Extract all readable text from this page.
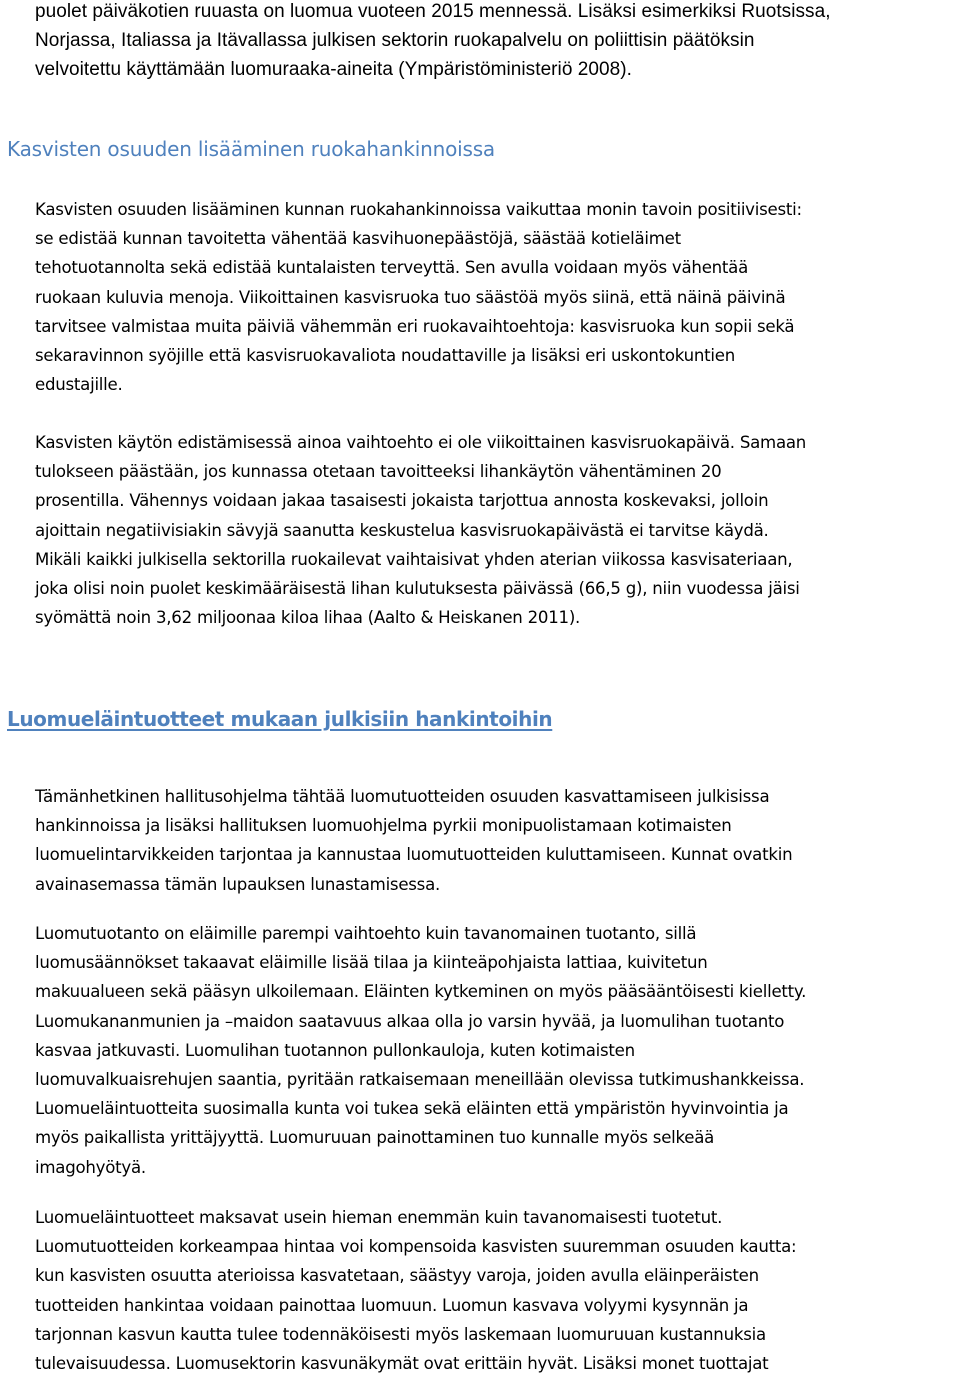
puolet päiväkotien ruuasta on luomua vuoteen 2015 mennessä. Lisäksi esimerkiksi Ruotsissa,
Norjassa, Italiassa ja Itävallassa julkisen sektorin ruokapalvelu on poliittisin päätöksin
velvoitettu käyttämään luomuraaka-aineita (Ympäristöministeriö 2008).

Kasvisten osuuden lisääminen ruokahankinnoissa

Kasvisten osuuden lisääminen kunnan ruokahankinnoissa vaikuttaa monin tavoin positiivisesti:
se edistää kunnan tavoitetta vähentää kasvihuonepäästöjä, säästää kotieläimet
tehotuotannolta sekä edistää kuntalaisten terveyttä. Sen avulla voidaan myös vähentää
ruokaan kuluvia menoja. Viikoittainen kasvisruoka tuo säästöä myös siinä, että näinä päivinä
tarvitsee valmistaa muita päiviä vähemmän eri ruokavaihtoehtoja: kasvisruoka kun sopii sekä
sekaravinnon syöjille että kasvisruokavaliota noudattaville ja lisäksi eri uskontokuntien
edustajille.

Kasvisten käytön edistämisessä ainoa vaihtoehto ei ole viikoittainen kasvisruokapäivä. Samaan
tulokseen päästään, jos kunnassa otetaan tavoitteeksi lihankäytön vähentäminen 20
prosentilla. Vähennys voidaan jakaa tasaisesti jokaista tarjottua annosta koskevaksi, jolloin
ajoittain negatiivisiakin sävyjä saanutta keskustelua kasvisruokapäivästä ei tarvitse käydä.
Mikäli kaikki julkisella sektorilla ruokailevat vaihtaisivat yhden aterian viikossa kasvisateriaan,
joka olisi noin puolet keskimääräisestä lihan kulutuksesta päivässä (66,5 g), niin vuodessa jäisi
syömättä noin 3,62 miljoonaa kiloa lihaa (Aalto & Heiskanen 2011).

Luomueläintuotteet mukaan julkisiin hankintoihin

Tämänhetkinen hallitusohjelma tähtää luomutuotteiden osuuden kasvattamiseen julkisissa
hankinnoissa ja lisäksi hallituksen luomuohjelma pyrkii monipuolistamaan kotimaisten
luomuelintarvikkeiden tarjontaa ja kannustaa luomutuotteiden kuluttamiseen. Kunnat ovatkin
avainasemassa tämän lupauksen lunastamisessa.

Luomutuotanto on eläimille parempi vaihtoehto kuin tavanomainen tuotanto, sillä
luomusäännökset takaavat eläimille lisää tilaa ja kiinteäpohjaista lattiaa, kuivitetun
makuualueen sekä pääsyn ulkoilemaan. Eläinten kytkeminen on myös pääsääntöisesti kielletty.
Luomukananmunien ja –maidon saatavuus alkaa olla jo varsin hyvää, ja luomulihan tuotanto
kasvaa jatkuvasti. Luomulihan tuotannon pullonkauloja, kuten kotimaisten
luomuvalkuaisrehujen saantia, pyritään ratkaisemaan meneillään olevissa tutkimushankkeissa.
Luomueläintuotteita suosimalla kunta voi tukea sekä eläinten että ympäristön hyvinvointia ja
myös paikallista yrittäjyyttä. Luomuruuan painottaminen tuo kunnalle myös selkeää
imagohyötyä.

Luomueläintuotteet maksavat usein hieman enemmän kuin tavanomaisesti tuotetut.
Luomutuotteiden korkeampaa hintaa voi kompensoida kasvisten suuremman osuuden kautta:
kun kasvisten osuutta aterioissa kasvatetaan, säästyy varoja, joiden avulla eläinperäisten
tuotteiden hankintaa voidaan painottaa luomuun. Luomun kasvava volyymi kysynnän ja
tarjonnan kasvun kautta tulee todennäköisesti myös laskemaan luomuruuan kustannuksia
tulevaisuudessa. Luomusektorin kasvunäkymät ovat erittäin hyvät. Lisäksi monet tuottajat
